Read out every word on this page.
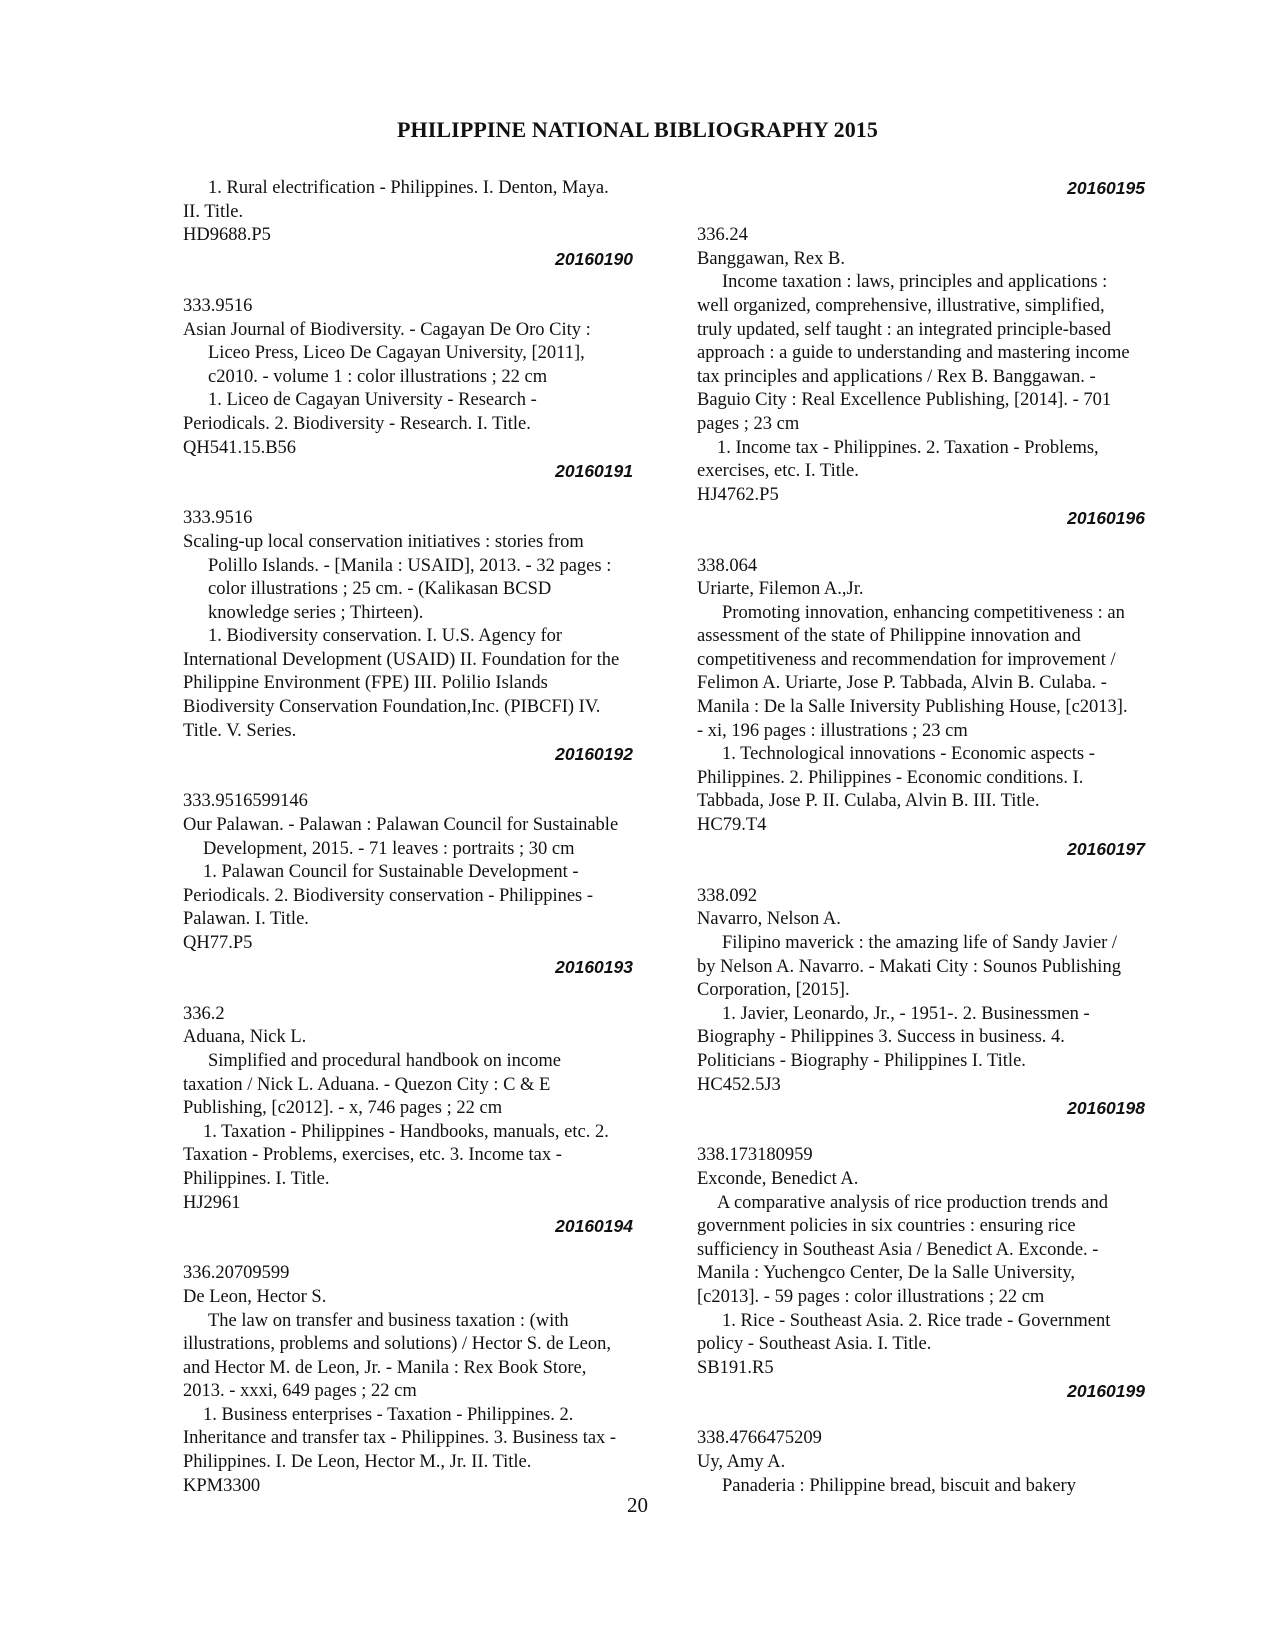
PHILIPPINE NATIONAL BIBLIOGRAPHY 2015
1. Rural electrification - Philippines. I. Denton, Maya.
II. Title.
HD9688.P5
20160190
333.9516
Asian Journal of Biodiversity. - Cagayan De Oro City :
Liceo Press, Liceo De Cagayan University, [2011],
c2010. - volume 1 : color illustrations ; 22 cm
1. Liceo de Cagayan University - Research -
Periodicals. 2. Biodiversity - Research. I. Title.
QH541.15.B56
20160191
333.9516
Scaling-up local conservation initiatives : stories from
Polillo Islands. - [Manila : USAID], 2013. - 32 pages :
color illustrations ; 25 cm. - (Kalikasan BCSD
knowledge series ; Thirteen).
1. Biodiversity conservation. I. U.S. Agency for
International Development (USAID) II. Foundation for the
Philippine Environment (FPE) III. Polilio Islands
Biodiversity Conservation Foundation,Inc. (PIBCFI) IV.
Title. V. Series.
20160192
333.9516599146
Our Palawan. - Palawan : Palawan Council for Sustainable
Development, 2015. - 71 leaves : portraits ; 30 cm
1. Palawan Council for Sustainable Development -
Periodicals. 2. Biodiversity conservation - Philippines -
Palawan. I. Title.
QH77.P5
20160193
336.2
Aduana, Nick L.
Simplified and procedural handbook on income
taxation / Nick L. Aduana. - Quezon City : C & E
Publishing, [c2012]. - x, 746 pages ; 22 cm
1. Taxation - Philippines - Handbooks, manuals, etc. 2.
Taxation - Problems, exercises, etc. 3. Income tax -
Philippines. I. Title.
HJ2961
20160194
336.20709599
De Leon, Hector S.
The law on transfer and business taxation : (with
illustrations, problems and solutions) / Hector S. de Leon,
and Hector M. de Leon, Jr. - Manila : Rex Book Store,
2013. - xxxi, 649 pages ; 22 cm
1. Business enterprises - Taxation - Philippines. 2.
Inheritance and transfer tax - Philippines. 3. Business tax -
Philippines. I. De Leon, Hector M., Jr. II. Title.
KPM3300
20160195
336.24
Banggawan, Rex B.
Income taxation : laws, principles and applications :
well organized, comprehensive, illustrative, simplified,
truly updated, self taught : an integrated principle-based
approach : a guide to understanding and mastering income
tax principles and applications / Rex B. Banggawan. -
Baguio City : Real Excellence Publishing, [2014]. - 701
pages ; 23 cm
1. Income tax - Philippines. 2. Taxation - Problems,
exercises, etc. I. Title.
HJ4762.P5
20160196
338.064
Uriarte, Filemon A.,Jr.
Promoting innovation, enhancing competitiveness : an
assessment of the state of Philippine innovation and
competitiveness and recommendation for improvement /
Felimon A. Uriarte, Jose P. Tabbada, Alvin B. Culaba. -
Manila : De la Salle Iniversity Publishing House, [c2013].
- xi, 196 pages : illustrations ; 23 cm
1. Technological innovations - Economic aspects -
Philippines. 2. Philippines - Economic conditions. I.
Tabbada, Jose P. II. Culaba, Alvin B. III. Title.
HC79.T4
20160197
338.092
Navarro, Nelson A.
Filipino maverick : the amazing life of Sandy Javier /
by Nelson A. Navarro. - Makati City : Sounos Publishing
Corporation, [2015].
1. Javier, Leonardo, Jr., - 1951-. 2. Businessmen -
Biography - Philippines 3. Success in business. 4.
Politicians - Biography - Philippines I. Title.
HC452.5J3
20160198
338.173180959
Exconde, Benedict A.
A comparative analysis of rice production trends and
government policies in six countries : ensuring rice
sufficiency in Southeast Asia / Benedict A. Exconde. -
Manila : Yuchengco Center, De la Salle University,
[c2013]. - 59 pages : color illustrations ; 22 cm
1. Rice - Southeast Asia. 2. Rice trade - Government
policy - Southeast Asia. I. Title.
SB191.R5
20160199
338.4766475209
Uy, Amy A.
Panaderia : Philippine bread, biscuit and bakery
20
